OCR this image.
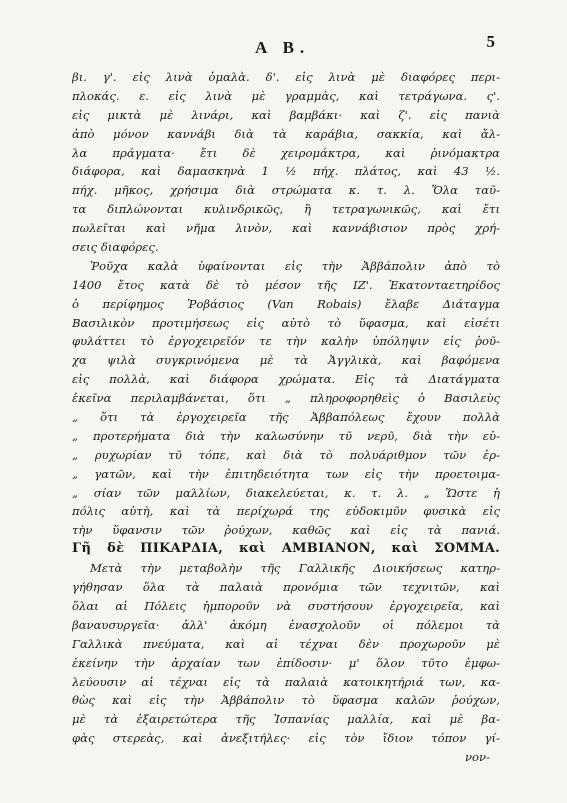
Α Β.	5
βι. γ'. εἰς λινὰ ὁμαλὰ. δ'. εἰς λινὰ μὲ διαφόρες περι-
πλοκάς. ε. εἰς λινὰ μὲ γραμμὰς, καὶ τετράγωνα. ς'.
εἰς μικτὰ μὲ λινάρι, καὶ βαμβάκι· καὶ ζ'. εἰς πανιὰ
ἀπὸ μόνον καννάβι διὰ τὰ καράβια, σακκία, καὶ ἄλ-
λα πράγματα· ἔτι δὲ χειρομάκτρα, καὶ ῥινόμακτρα
διάφορα, καὶ δαμασκηνὰ 1 ½ πήχ. πλάτος, καὶ 43 ½.
πήχ. μῆκος, χρήσιμα διὰ στρώματα κ. τ. λ. Ὅλα ταῦ-
τα διπλώνονται κυλινδρικῶς, ἢ τετραγωνικῶς, καὶ ἔτι
πωλεῖται καὶ νῆμα λινὸν, καὶ καννάβισιον πρὸς χρή-
σεις διαφόρες.
Ῥοῦχα καλὰ ὑφαίνονται εἰς τὴν Ἀββάπολιν ἀπὸ τὸ
1400 ἔτος κατὰ δὲ τὸ μέσον τῆς ΙΖ'. Ἑκατονταετηρίδος
ὁ περίφημος Ῥοβάσιος (Van Robais) ἔλαβε Διάταγμα
Βασιλικὸν προτιμήσεως εἰς αὐτὸ τὸ ὕφασμα, καὶ εἰσέτι
φυλάττει τὸ ἐργοχειρεῖόν τε τὴν καλὴν ὑπόληψιν εἰς ῥοῦ-
χα ψιλὰ συγκρινόμενα μὲ τὰ Ἀγγλικὰ, καὶ βαφόμενα
εἰς πολλὰ, καὶ διάφορα χρώματα. Εἰς τὰ Διατάγματα
ἐκεῖνα περιλαμβάνεται, ὅτι „ πληροφορηθεὶς ὁ Βασιλεὺς
„ ὅτι τὰ ἐργοχειρεῖα τῆς Ἀββαπόλεως ἔχουν πολλὰ
„ προτερήματα διὰ τὴν καλωσύνην τῦ νερῦ, διὰ τὴν εὐ-
„ ρυχωρίαν τῦ τόπε, καὶ διὰ τὸ πολυάριθμον τῶν ἐρ-
„ γατῶν, καὶ τὴν ἐπιτηδειότητα των εἰς τὴν προετοιμα-
„ σίαν τῶν μαλλίων, διακελεύεται, κ. τ. λ. „ Ὥστε ἡ
πόλις αὐτὴ, καὶ τὰ περίχωρά της εὐδοκιμῦν φυσικὰ εἰς
τὴν ὕφανσιν τῶν ῥούχων, καθῶς καὶ εἰς τὰ πανιά.
Γῆ δὲ ΠΙΚΑΡΔΙΑ, καὶ ΑΜΒΙΑΝΟΝ, καὶ ΣΟΜΜΑ.
Μετὰ τὴν μεταβολὴν τῆς Γαλλικῆς Διοικήσεως κατηρ-
γήθησαν ὅλα τὰ παλαιὰ προνόμια τῶν τεχνιτῶν, καὶ
ὅλαι αἱ Πόλεις ἠμποροῦν νὰ συστήσουν ἐργοχειρεῖα, καὶ
βαναυσυργεῖα· ἀλλ' ἀκόμη ἐνασχολοῦν οἱ πόλεμοι τὰ
Γαλλικὰ πνεύματα, καὶ αἱ τέχναι δὲν προχωροῦν μὲ
ἐκείνην τὴν ἀρχαίαν των ἐπίδοσιν· μ' ὅλον τῦτο ἐμφω-
λεύουσιν αἱ τέχναι εἰς τὰ παλαιὰ κατοικητήριά των, κα-
θὼς καὶ εἰς τὴν Ἀββάπολιν τὸ ὕφασμα καλῶν ῥούχων,
μὲ τὰ ἐξαιρετώτερα τῆς Ἰσπανίας μαλλία, καὶ μὲ βα-
φὰς στερεὰς, καὶ ἀνεξιτήλες· εἰς τὸν ἴδιον τόπον γί-
νον-
